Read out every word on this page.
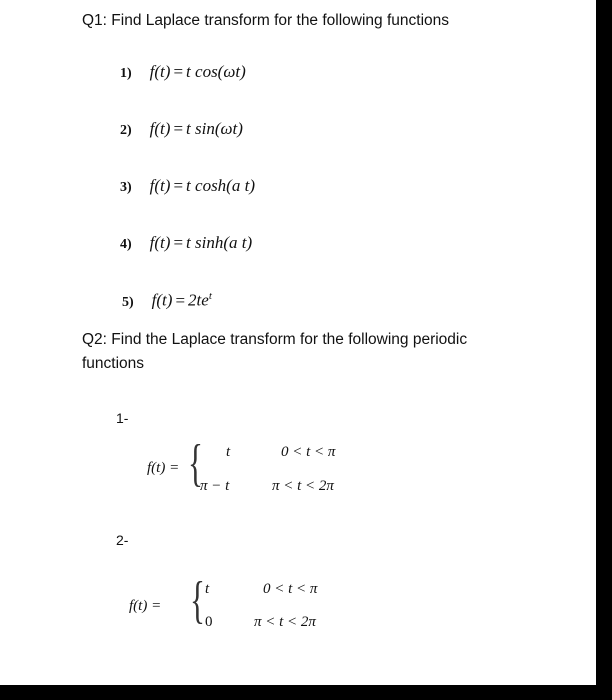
Q1: Find Laplace transform for the following functions
1) f(t) = t cos(ωt)
2) f(t) = t sin(ωt)
3) f(t) = t cosh(a t)
4) f(t) = t sinh(a t)
5) $f(t) = 2te^t$
Q2: Find the Laplace transform for the following periodic
functions
1-
f(t) = { t
π − t
0 < t < π
π < t < 2π
2-
f(t) = { t
0
0 < t < π
π < t < 2π
